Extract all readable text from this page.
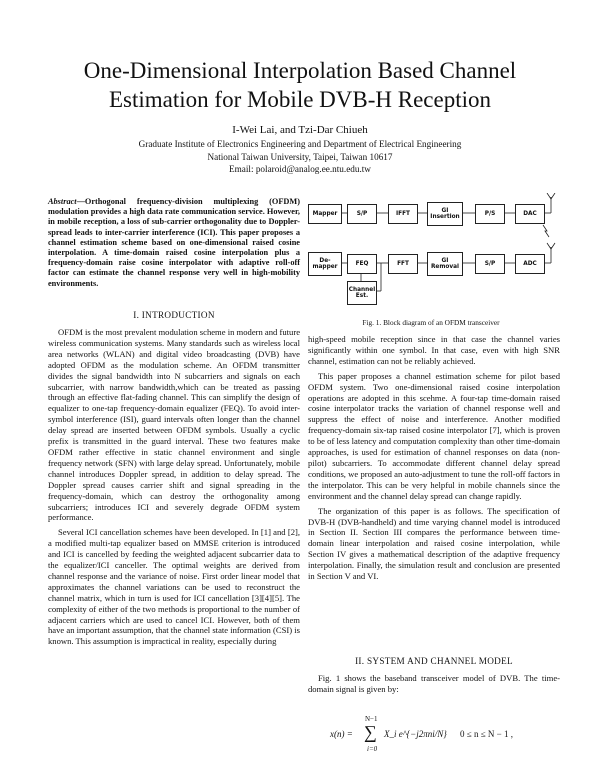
One-Dimensional Interpolation Based Channel
Estimation for Mobile DVB-H Reception
I-Wei Lai, and Tzi-Dar Chiueh
Graduate Institute of Electronics Engineering and Department of Electrical Engineering
National Taiwan University, Taipei, Taiwan 10617
Email: polaroid@analog.ee.ntu.edu.tw
Abstract—Orthogonal frequency-division multiplexing (OFDM) modulation provides a high data rate communication service. However, in mobile reception, a loss of sub-carrier orthogonality due to Doppler-spread leads to inter-carrier interference (ICI). This paper proposes a channel estimation scheme based on one-dimensional raised cosine interpolation. A time-domain raised cosine interpolation plus a frequency-domain raise cosine interpolator with adaptive roll-off factor can estimate the channel response very well in high-mobility environments.
I. INTRODUCTION

OFDM is the most prevalent modulation scheme in modern and future wireless communication systems. Many standards such as wireless local area networks (WLAN) and digital video broadcasting (DVB) have adopted OFDM as the modulation scheme. An OFDM transmitter divides the signal bandwidth into N subcarriers and signals on each subcarrier, with narrow bandwidth,which can be treated as passing through an effective flat-fading channel. This can simplify the design of equalizer to one-tap frequency-domain equalizer (FEQ). To avoid inter-symbol interference (ISI), guard intervals often longer than the channel delay spread are inserted between OFDM symbols. Usually a cyclic prefix is transmitted in the guard interval. These two features make OFDM rather effective in static channel environment and single frequency network (SFN) with large delay spread. Unfortunately, mobile channel introduces Doppler spread, in addition to delay spread. The Doppler spread causes carrier shift and signal spreading in the frequency-domain, which can destroy the orthogonality among subcarriers; introduces ICI and severely degrade OFDM system performance.

Several ICI cancellation schemes have been developed. In [1] and [2], a modified multi-tap equalizer based on MMSE criterion is introduced and ICI is cancelled by feeding the weighted adjacent subcarrier data to the equalizer/ICI canceller. The optimal weights are derived from channel response and the variance of noise. First order linear model that approximates the channel variations can be used to reconstruct the channel matrix, which in turn is used for ICI cancellation [3][4][5]. The complexity of either of the two methods is proportional to the number of adjacent carriers which are used to cancel ICI. However, both of them have an important assumption, that the channel state information (CSI) is known. This assumption is impractical in reality, especially during

Mapper	S/P	IFFT
GI Insertion
P/S	DAC
De-mapper
FEQ	FFT
GI Removal
S/P	ADC
Channel Est.
Fig. 1. Block diagram of an OFDM transceiver

high-speed mobile reception since in that case the channel varies significantly within one symbol. In that case, even with high SNR channel, estimation can not be reliably achieved.

This paper proposes a channel estimation scheme for pilot based OFDM system. Two one-dimensional raised cosine interpolation operations are adopted in this scehme. A four-tap time-domain raised cosine interpolator tracks the variation of channel response well and suppress the effect of noise and interference. Another modified frequency-domain six-tap raised cosine interpolator [7], which is proven to be of less latency and computation complexity than other time-domain approaches, is used for estimation of channel responses on data (non-pilot) subcarriers. To accommodate different channel delay spread conditions, we proposed an auto-adjustment to tune the roll-off factors in the interpolator. This can be very helpful in mobile channels since the environment and the channel delay spread can change rapidly.

The organization of this paper is as follows. The specification of DVB-H (DVB-handheld) and time varying channel model is introduced in Section II. Section III compares the performance between time-domain linear interpolation and raised cosine interpolation, while Section IV gives a mathematical description of the adaptive frequency interpolation. Finally, the simulation result and conclusion are presented in Section V and VI.

II. SYSTEM AND CHANNEL MODEL

Fig. 1 shows the baseband transceiver model of DVB. The time-domain signal is given by:

x(n) =
N−1
∑
i=0
X_i e^{−j2πni/N} 0 ≤ n ≤ N − 1 ,
